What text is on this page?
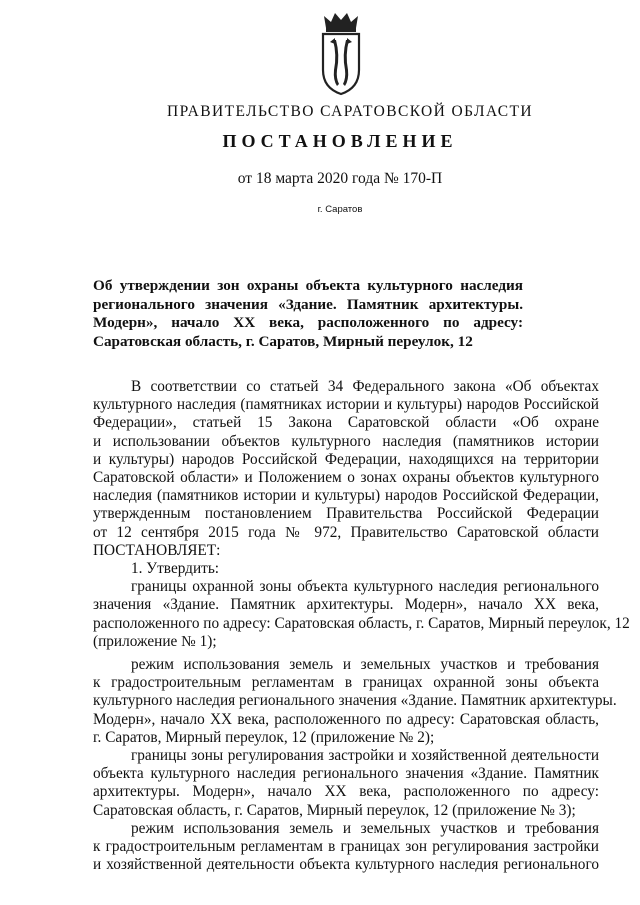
ПРАВИТЕЛЬСТВО САРАТОВСКОЙ ОБЛАСТИ
ПОСТАНОВЛЕНИЕ
от 18 марта 2020 года № 170-П
г. Саратов
Об утверждении зон охраны объекта культурного наследия
регионального значения «Здание. Памятник архитектуры.
Модерн», начало XX века, расположенного по адресу:
Саратовская область, г. Саратов, Мирный переулок, 12
В соответствии со статьей 34 Федерального закона «Об объектах
культурного наследия (памятниках истории и культуры) народов Российской
Федерации», статьей 15 Закона Саратовской области «Об охране
и использовании объектов культурного наследия (памятников истории
и культуры) народов Российской Федерации, находящихся на территории
Саратовской области» и Положением о зонах охраны объектов культурного
наследия (памятников истории и культуры) народов Российской Федерации,
утвержденным постановлением Правительства Российской Федерации
от 12 сентября 2015 года № 972, Правительство Саратовской области
ПОСТАНОВЛЯЕТ:
1. Утвердить:
границы охранной зоны объекта культурного наследия регионального
значения «Здание. Памятник архитектуры. Модерн», начало XX века,
расположенного по адресу: Саратовская область, г. Саратов, Мирный переулок, 12
(приложение № 1);
режим использования земель и земельных участков и требования
к градостроительным регламентам в границах охранной зоны объекта
культурного наследия регионального значения «Здание. Памятник архитектуры.
Модерн», начало XX века, расположенного по адресу: Саратовская область,
г. Саратов, Мирный переулок, 12 (приложение № 2);
границы зоны регулирования застройки и хозяйственной деятельности
объекта культурного наследия регионального значения «Здание. Памятник
архитектуры. Модерн», начало XX века, расположенного по адресу:
Саратовская область, г. Саратов, Мирный переулок, 12 (приложение № 3);
режим использования земель и земельных участков и требования
к градостроительным регламентам в границах зон регулирования застройки
и хозяйственной деятельности объекта культурного наследия регионального
